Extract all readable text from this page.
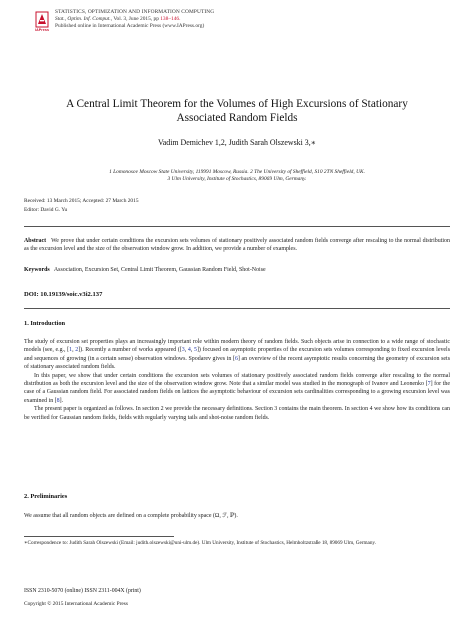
IAPress
STATISTICS, OPTIMIZATION AND INFORMATION COMPUTING
Stat., Optim. Inf. Comput., Vol. 3, June 2015, pp 138–146.
Published online in International Academic Press (www.IAPress.org)
A Central Limit Theorem for the Volumes of High Excursions of Stationary
Associated Random Fields
Vadim Demichev 1,2, Judith Sarah Olszewski 3,∗
1 Lomonosov Moscow State University, 119991 Moscow, Russia. 2 The University of Sheffield, S10 2TN Sheffield, UK.
3 Ulm University, Institute of Stochastics, 89069 Ulm, Germany.
Received: 13 March 2015; Accepted: 27 March 2015
Editor: David G. Yu
Abstract We prove that under certain conditions the excursion sets volumes of stationary positively associated random fields converge after rescaling to the normal distribution as the excursion level and the size of the observation window grow. In addition, we provide a number of examples.
Keywords Association, Excursion Set, Central Limit Theorem, Gaussian Random Field, Shot-Noise
DOI: 10.19139/soic.v3i2.137
1. Introduction

The study of excursion set properties plays an increasingly important role within modern theory of random fields. Such objects arise in connection to a wide range of stochastic models (see, e.g., [1, 2]). Recently a number of works appeared ([3, 4, 5]) focused on asymptotic properties of the excursion sets volumes corresponding to fixed excursion levels and sequences of growing (in a certain sense) observation windows. Spodarev gives in [6] an overview of the recent asymptotic results concerning the geometry of excursion sets of stationary associated random fields.

In this paper, we show that under certain conditions the excursion sets volumes of stationary positively associated random fields converge after rescaling to the normal distribution as both the excursion level and the size of the observation window grow. Note that a similar model was studied in the monograph of Ivanov and Leonenko [7] for the case of a Gaussian random field. For associated random fields on lattices the asymptotic behaviour of excursion sets cardinalities corresponding to a growing excursion level was examined in [8].

The present paper is organized as follows. In section 2 we provide the necessary definitions. Section 3 contains the main theorem. In section 4 we show how its conditions can be verified for Gaussian random fields, fields with regularly varying tails and shot-noise random fields.

2. Preliminaries
We assume that all random objects are defined on a complete probability space (Ω, ℱ, ℙ).
∗Correspondence to: Judith Sarah Olszewski (Email: judith.olszewski@uni-ulm.de). Ulm University, Institute of Stochastics, Helmholtzstraße 18, 89069 Ulm, Germany.
ISSN 2310-5070 (online) ISSN 2311-004X (print)
Copyright © 2015 International Academic Press
